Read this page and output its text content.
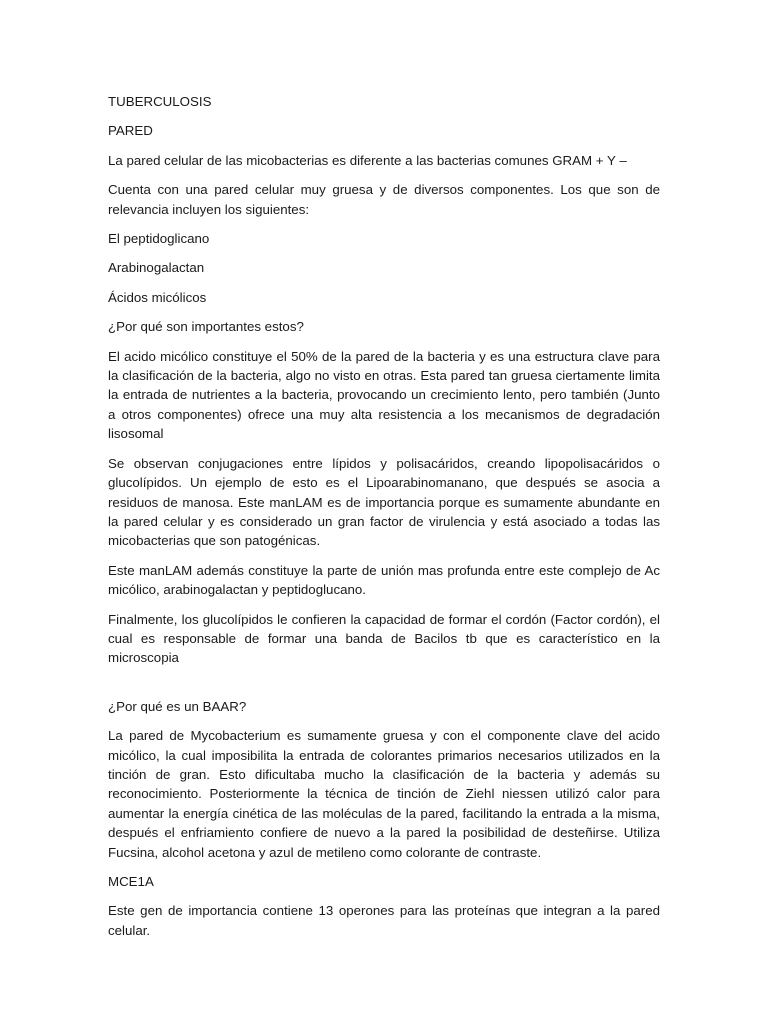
TUBERCULOSIS

PARED

La pared celular de las micobacterias es diferente a las bacterias comunes GRAM + Y –

Cuenta con una pared celular muy gruesa y de diversos componentes. Los que son de relevancia incluyen los siguientes:

El peptidoglicano

Arabinogalactan

Ácidos micólicos

¿Por qué son importantes estos?

El acido micólico constituye el 50% de la pared de la bacteria y es una estructura clave para la clasificación de la bacteria, algo no visto en otras. Esta pared tan gruesa ciertamente limita la entrada de nutrientes a la bacteria, provocando un crecimiento lento, pero también (Junto a otros componentes) ofrece una muy alta resistencia a los mecanismos de degradación lisosomal

Se observan conjugaciones entre lípidos y polisacáridos, creando lipopolisacáridos o glucolípidos. Un ejemplo de esto es el Lipoarabinomanano, que después se asocia a residuos de manosa. Este manLAM es de importancia porque es sumamente abundante en la pared celular y es considerado un gran factor de virulencia y está asociado a todas las micobacterias que son patogénicas.

Este manLAM además constituye la parte de unión mas profunda entre este complejo de Ac micólico, arabinogalactan y peptidoglucano.

Finalmente, los glucolípidos le confieren la capacidad de formar el cordón (Factor cordón), el cual es responsable de formar una banda de Bacilos tb que es característico en la microscopia

¿Por qué es un BAAR?

La pared de Mycobacterium es sumamente gruesa y con el componente clave del acido micólico, la cual imposibilita la entrada de colorantes primarios necesarios utilizados en la tinción de gran. Esto dificultaba mucho la clasificación de la bacteria y además su reconocimiento. Posteriormente la técnica de tinción de Ziehl niessen utilizó calor para aumentar la energía cinética de las moléculas de la pared, facilitando la entrada a la misma, después el enfriamiento confiere de nuevo a la pared la posibilidad de desteñirse. Utiliza Fucsina, alcohol acetona y azul de metileno como colorante de contraste.

MCE1A

Este gen de importancia contiene 13 operones para las proteínas que integran a la pared celular.
